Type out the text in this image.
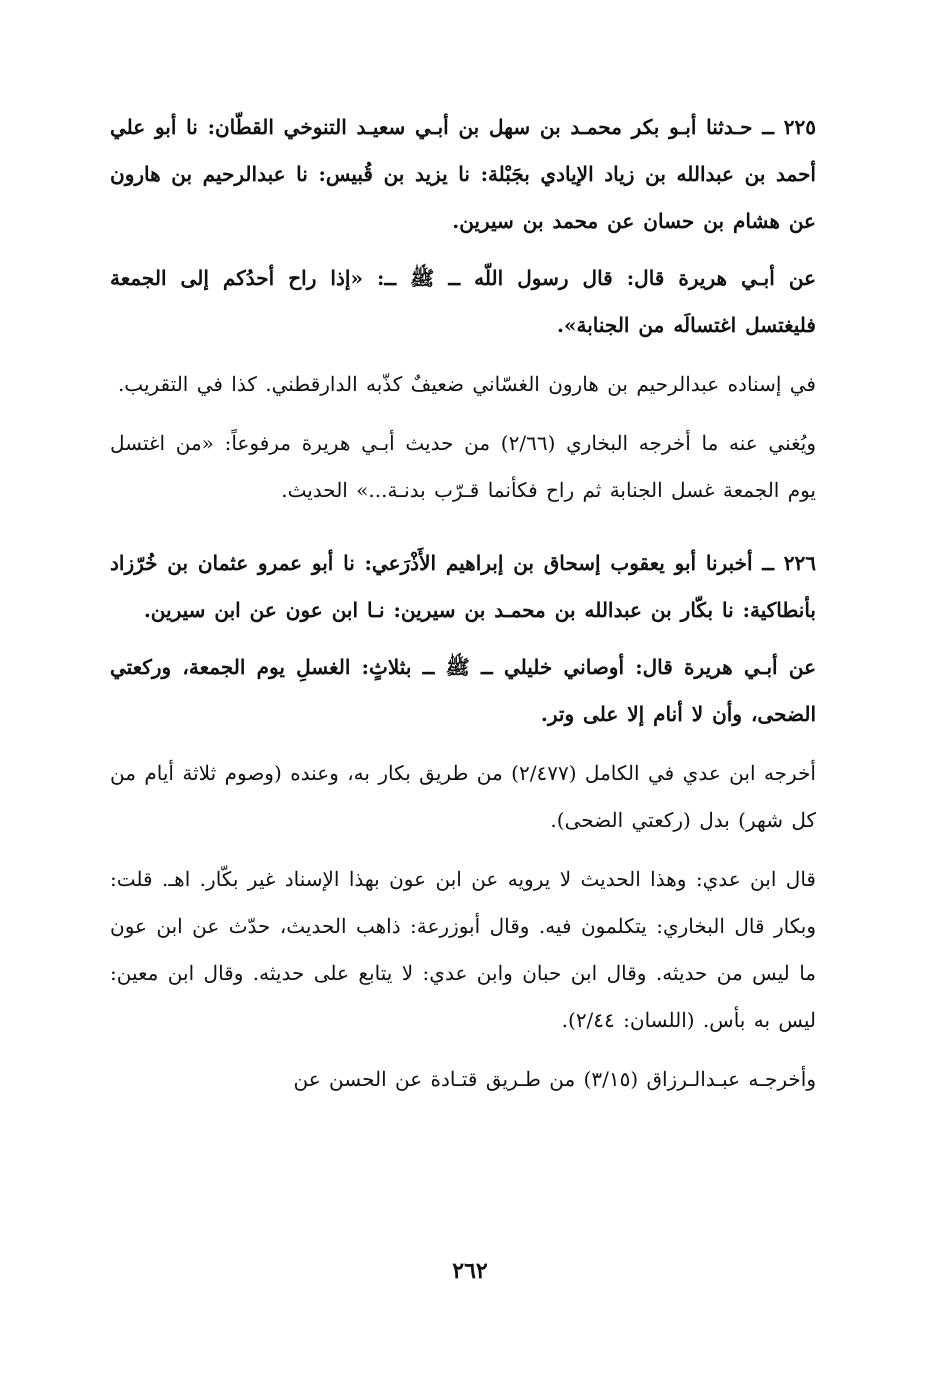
٢٢٥ ــ حـدثنا أبـو بكر محمـد بن سهل بن أبـي سعيـد التنوخي القطّان: نا أبو علي أحمد بن عبدالله بن زياد الإيادي بجَبْلة: نا يزيد بن قُبيس: نا عبدالرحيم بن هارون عن هشام بن حسان عن محمد بن سيرين.

عن أبـي هريرة قال: قال رسول اللّه ــ ﷺ ــ: «إذا راح أحدُكم إلى الجمعة فليغتسل اغتسالَه من الجنابة».

في إسناده عبدالرحيم بن هارون الغسّاني ضعيفٌ كذّبه الدارقطني. كذا في التقريب.

ويُغني عنه ما أخرجه البخاري (٢/٦٦) من حديث أبـي هريرة مرفوعاً: «من اغتسل يوم الجمعة غسل الجنابة ثم راح فكأنما قـرّب بدنـة...» الحديث.

٢٢٦ ــ أخبرنا أبو يعقوب إسحاق بن إبراهيم الأَذْرَعي: نا أبو عمرو عثمان بن خُرّزاد بأنطاكية: نا بكّار بن عبدالله بن محمـد بن سيرين: نـا ابن عون عن ابن سيرين.

عن أبـي هريرة قال: أوصاني خليلي ــ ﷺ ــ بثلاثٍ: الغسلِ يوم الجمعة، وركعتي الضحى، وأن لا أنام إلا على وتر.

أخرجه ابن عدي في الكامل (٢/٤٧٧) من طريق بكار به، وعنده (وصوم ثلاثة أيام من كل شهر) بدل (ركعتي الضحى).

قال ابن عدي: وهذا الحديث لا يرويه عن ابن عون بهذا الإسناد غير بكّار. اهـ. قلت: وبكار قال البخاري: يتكلمون فيه. وقال أبوزرعة: ذاهب الحديث، حدّث عن ابن عون ما ليس من حديثه. وقال ابن حبان وابن عدي: لا يتابع على حديثه. وقال ابن معين: ليس به بأس. (اللسان: ٢/٤٤).

وأخرجـه عبـدالـرزاق (٣/١٥) من طـريق قتـادة عن الحسن عن

٢٦٢
